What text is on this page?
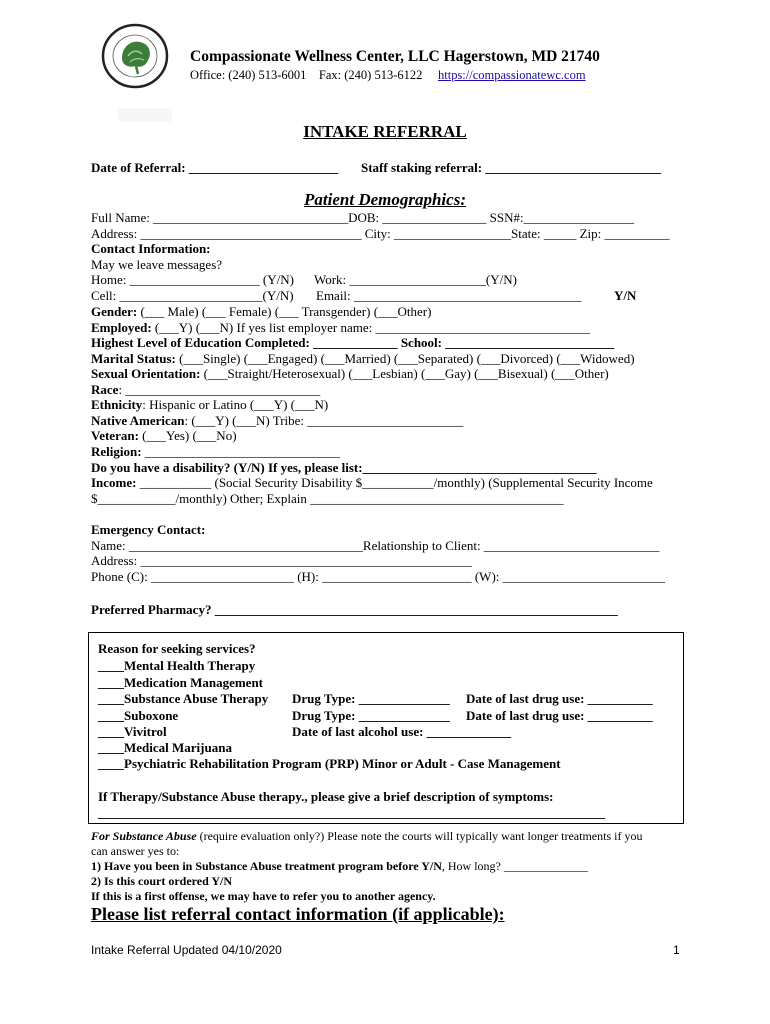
Compassionate Wellness Center, LLC Hagerstown, MD 21740
Office: (240) 513-6001 Fax: (240) 513-6122 https://compassionatewc.com
INTAKE REFERRAL
Date of Referral: _______________________ Staff staking referral: ___________________________
Patient Demographics:
Full Name: ______________________________DOB: ________________ SSN#:_________________
Address: __________________________________ City: __________________State: _____ Zip: __________
Contact Information:
May we leave messages?
Home: ____________________ (Y/N) Work: _____________________(Y/N)
Cell: ______________________(Y/N) Email: ___________________________________	Y/N
Gender: (___ Male) (___ Female) (___ Transgender) (___Other)
Employed: (___Y) (___N) If yes list employer name: _________________________________
Highest Level of Education Completed: _____________ School: __________________________
Marital Status: (___Single) (___Engaged) (___Married) (___Separated) (___Divorced) (___Widowed)
Sexual Orientation: (___Straight/Heterosexual) (___Lesbian) (___Gay) (___Bisexual) (___Other)
Race: ______________________________
Ethnicity: Hispanic or Latino (___Y) (___N)
Native American: (___Y) (___N) Tribe: ________________________
Veteran: (___Yes) (___No)
Religion: ______________________________
Do you have a disability? (Y/N) If yes, please list:____________________________________
Income: ___________ (Social Security Disability $___________/monthly) (Supplemental Security Income
$____________/monthly) Other; Explain _______________________________________
Emergency Contact:
Name: ____________________________________Relationship to Client: ___________________________
Address: ___________________________________________________
Phone (C): ______________________ (H): _______________________ (W): _________________________
Preferred Pharmacy? ______________________________________________________________
Reason for seeking services?
____Mental Health Therapy
____Medication Management
____Substance Abuse Therapy
____Suboxone
____Vivitrol
____Medical Marijuana
____Psychiatric Rehabilitation Program (PRP) Minor or Adult - Case Management
Drug Type: ______________ Date of last drug use: __________
Drug Type: ______________ Date of last drug use: __________
Date of last alcohol use: _____________
If Therapy/Substance Abuse therapy., please give a brief description of symptoms:
______________________________________________________________________________
For Substance Abuse (require evaluation only?) Please note the courts will typically want longer treatments if you
can answer yes to:
1) Have you been in Substance Abuse treatment program before Y/N, How long? ______________
2) Is this court ordered Y/N
If this is a first offense, we may have to refer you to another agency.
Please list referral contact information (if applicable):
Intake Referral Updated 04/10/2020	1
